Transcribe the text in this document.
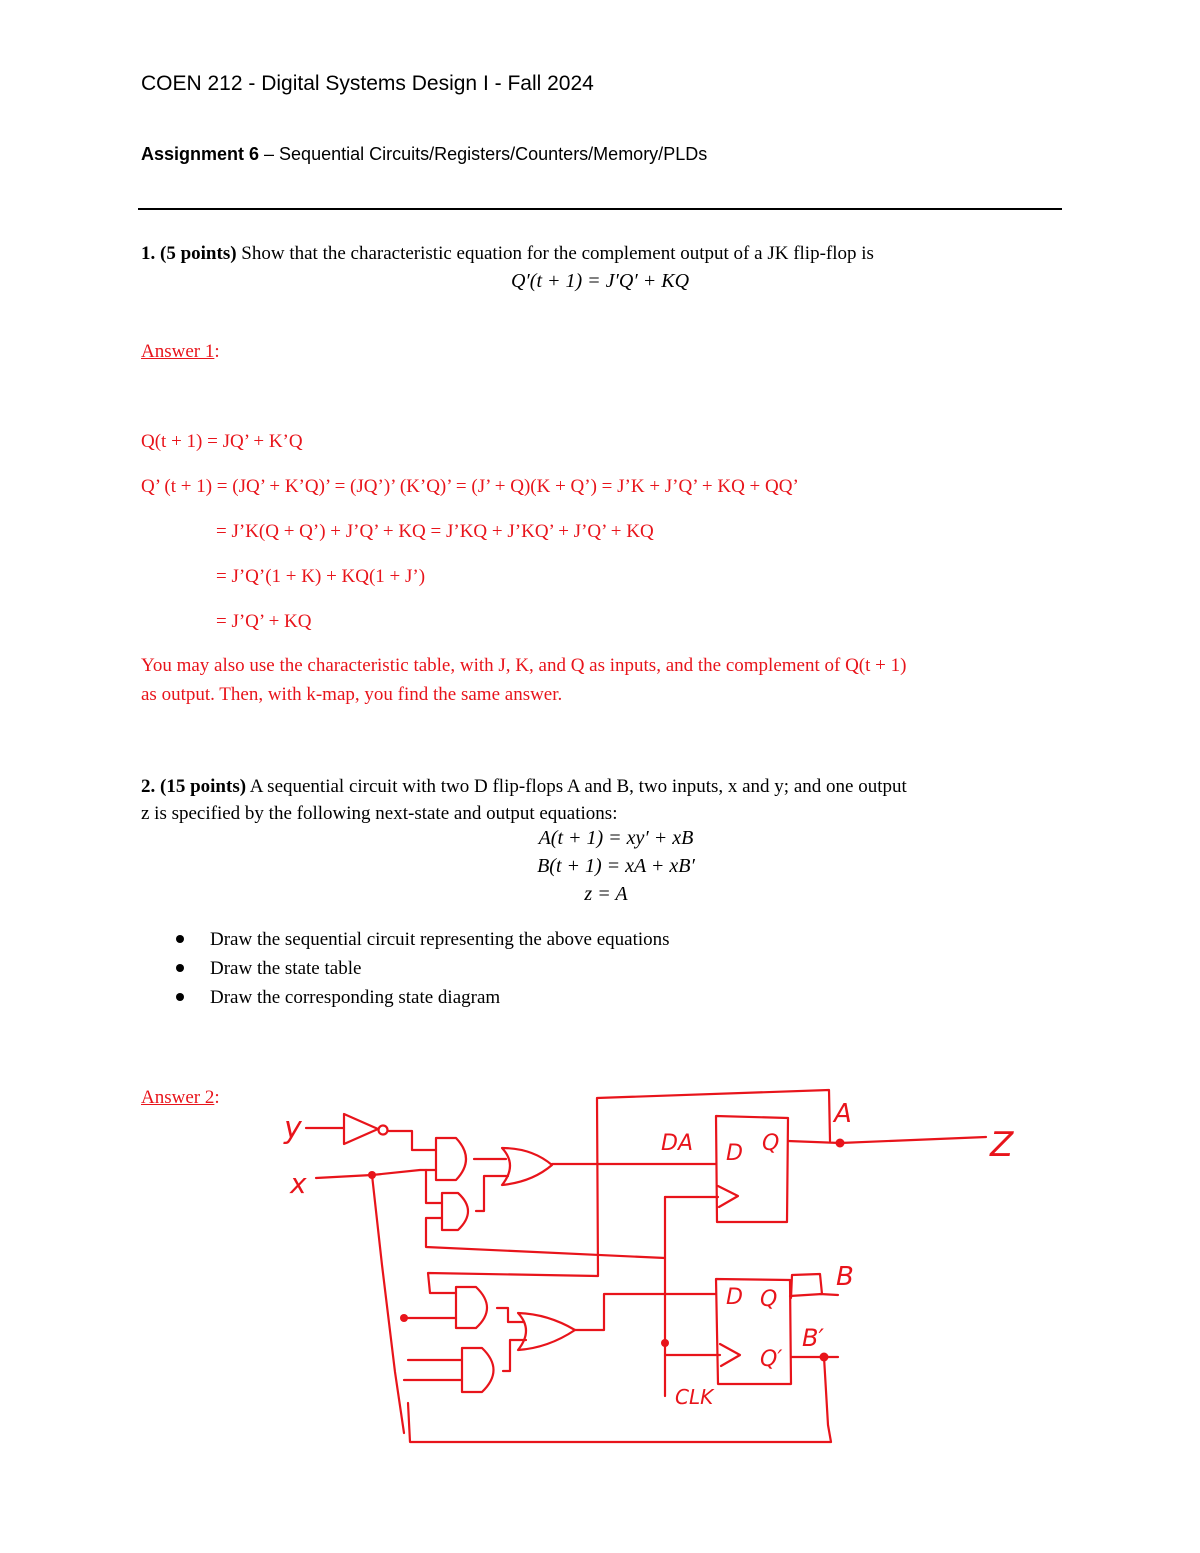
COEN 212 - Digital Systems Design I - Fall 2024
Assignment 6 – Sequential Circuits/Registers/Counters/Memory/PLDs
1. (5 points) Show that the characteristic equation for the complement output of a JK flip-flop is
Q′(t + 1) = J′Q′ + KQ
Answer 1:
Q(t + 1) = JQ’ + K’Q
Q’ (t + 1) = (JQ’ + K’Q)’ = (JQ’)’ (K’Q)’ = (J’ + Q)(K + Q’) = J’K + J’Q’ + KQ + QQ’
= J’K(Q + Q’) + J’Q’ + KQ = J’KQ + J’KQ’ + J’Q’ + KQ
= J’Q’(1 + K) + KQ(1 + J’)
= J’Q’ + KQ
You may also use the characteristic table, with J, K, and Q as inputs, and the complement of Q(t + 1)
as output. Then, with k-map, you find the same answer.
2. (15 points) A sequential circuit with two D flip-flops A and B, two inputs, x and y; and one output
z is specified by the following next-state and output equations:
A(t + 1) = xy′ + xB
B(t + 1) = xA + xB′
z = A
Draw the sequential circuit representing the above equations
Draw the state table
Draw the corresponding state diagram
Answer 2:
y
x
DA D Q
A
Z
D Q
Q′
B
B′
CLK
